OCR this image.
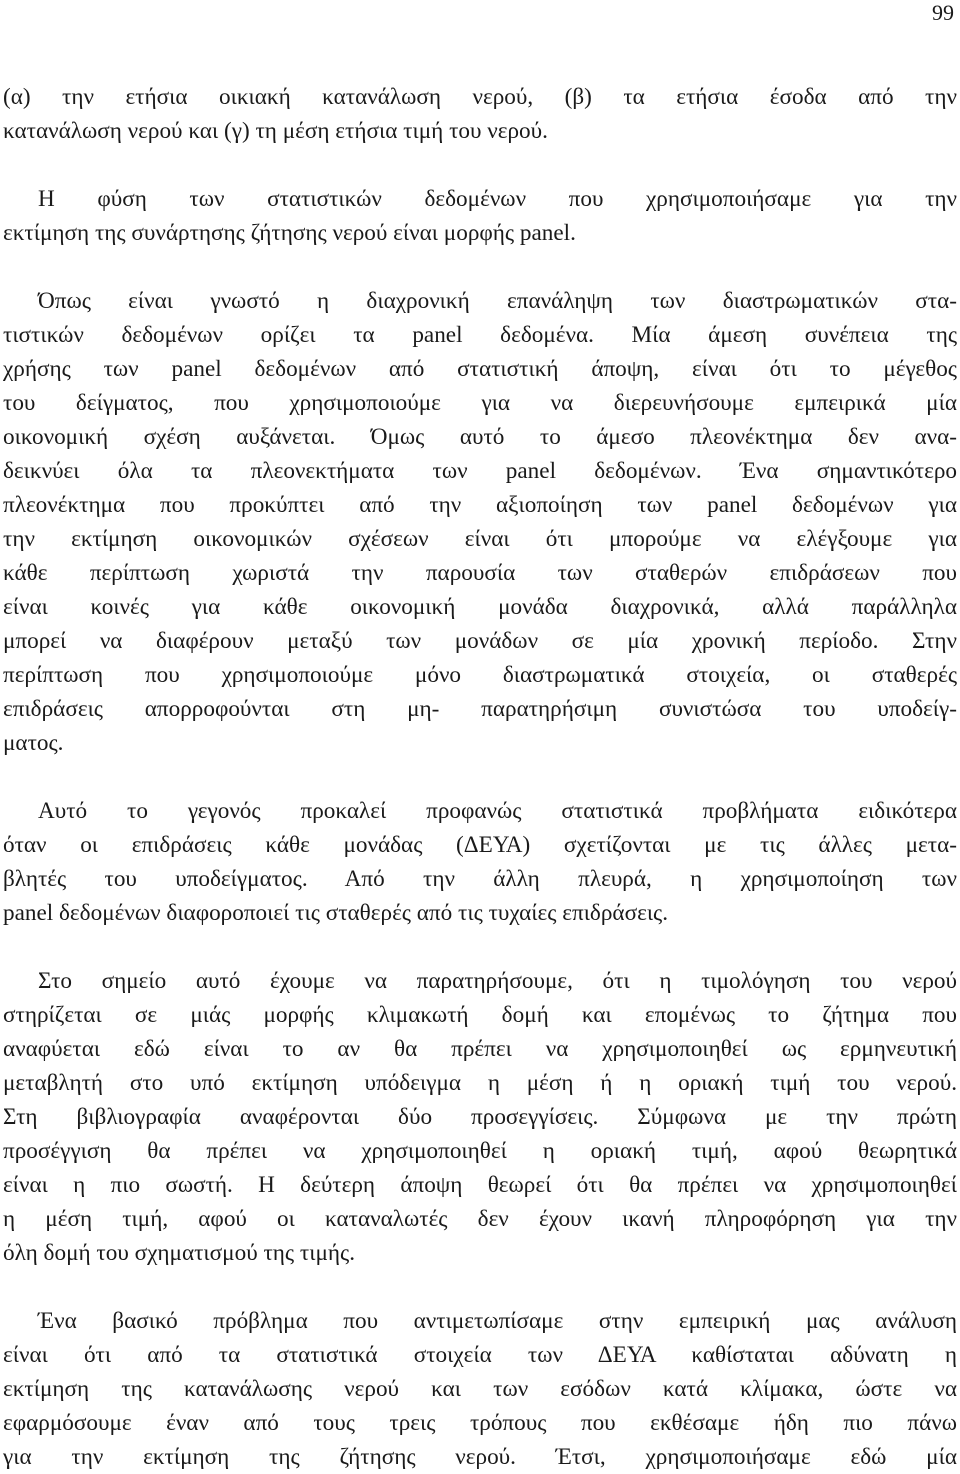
99
(α) την ετήσια οικιακή κατανάλωση νερού, (β) τα ετήσια έσοδα από την
κατανάλωση νερού και (γ) τη μέση ετήσια τιμή του νερού.
Η φύση των στατιστικών δεδομένων που χρησιμοποιήσαμε για την
εκτίμηση της συνάρτησης ζήτησης νερού είναι μορφής panel.
Όπως είναι γνωστό η διαχρονική επανάληψη των διαστρωματικών στα-
τιστικών δεδομένων ορίζει τα panel δεδομένα. Μία άμεση συνέπεια της
χρήσης των panel δεδομένων από στατιστική άποψη, είναι ότι το μέγεθος
του δείγματος, που χρησιμοποιούμε για να διερευνήσουμε εμπειρικά μία
οικονομική σχέση αυξάνεται. Όμως αυτό το άμεσο πλεονέκτημα δεν ανα-
δεικνύει όλα τα πλεονεκτήματα των panel δεδομένων. Ένα σημαντικότερο
πλεονέκτημα που προκύπτει από την αξιοποίηση των panel δεδομένων για
την εκτίμηση οικονομικών σχέσεων είναι ότι μπορούμε να ελέγξουμε για
κάθε περίπτωση χωριστά την παρουσία των σταθερών επιδράσεων που
είναι κοινές για κάθε οικονομική μονάδα διαχρονικά, αλλά παράλληλα
μπορεί να διαφέρουν μεταξύ των μονάδων σε μία χρονική περίοδο. Στην
περίπτωση που χρησιμοποιούμε μόνο διαστρωματικά στοιχεία, οι σταθερές
επιδράσεις απορροφούνται στη μη- παρατηρήσιμη συνιστώσα του υποδείγ-
ματος.
Αυτό το γεγονός προκαλεί προφανώς στατιστικά προβλήματα ειδικότερα
όταν οι επιδράσεις κάθε μονάδας (ΔΕΥΑ) σχετίζονται με τις άλλες μετα-
βλητές του υποδείγματος. Από την άλλη πλευρά, η χρησιμοποίηση των
panel δεδομένων διαφοροποιεί τις σταθερές από τις τυχαίες επιδράσεις.
Στο σημείο αυτό έχουμε να παρατηρήσουμε, ότι η τιμολόγηση του νερού
στηρίζεται σε μιάς μορφής κλιμακωτή δομή και επομένως το ζήτημα που
αναφύεται εδώ είναι το αν θα πρέπει να χρησιμοποιηθεί ως ερμηνευτική
μεταβλητή στο υπό εκτίμηση υπόδειγμα η μέση ή η οριακή τιμή του νερού.
Στη βιβλιογραφία αναφέρονται δύο προσεγγίσεις. Σύμφωνα με την πρώτη
προσέγγιση θα πρέπει να χρησιμοποιηθεί η οριακή τιμή, αφού θεωρητικά
είναι η πιο σωστή. Η δεύτερη άποψη θεωρεί ότι θα πρέπει να χρησιμοποιηθεί
η μέση τιμή, αφού οι καταναλωτές δεν έχουν ικανή πληροφόρηση για την
όλη δομή του σχηματισμού της τιμής.
Ένα βασικό πρόβλημα που αντιμετωπίσαμε στην εμπειρική μας ανάλυση
είναι ότι από τα στατιστικά στοιχεία των ΔΕΥΑ καθίσταται αδύνατη η
εκτίμηση της κατανάλωσης νερού και των εσόδων κατά κλίμακα, ώστε να
εφαρμόσουμε έναν από τους τρεις τρόπους που εκθέσαμε ήδη πιο πάνω
για την εκτίμηση της ζήτησης νερού. Έτσι, χρησιμοποιήσαμε εδώ μία
